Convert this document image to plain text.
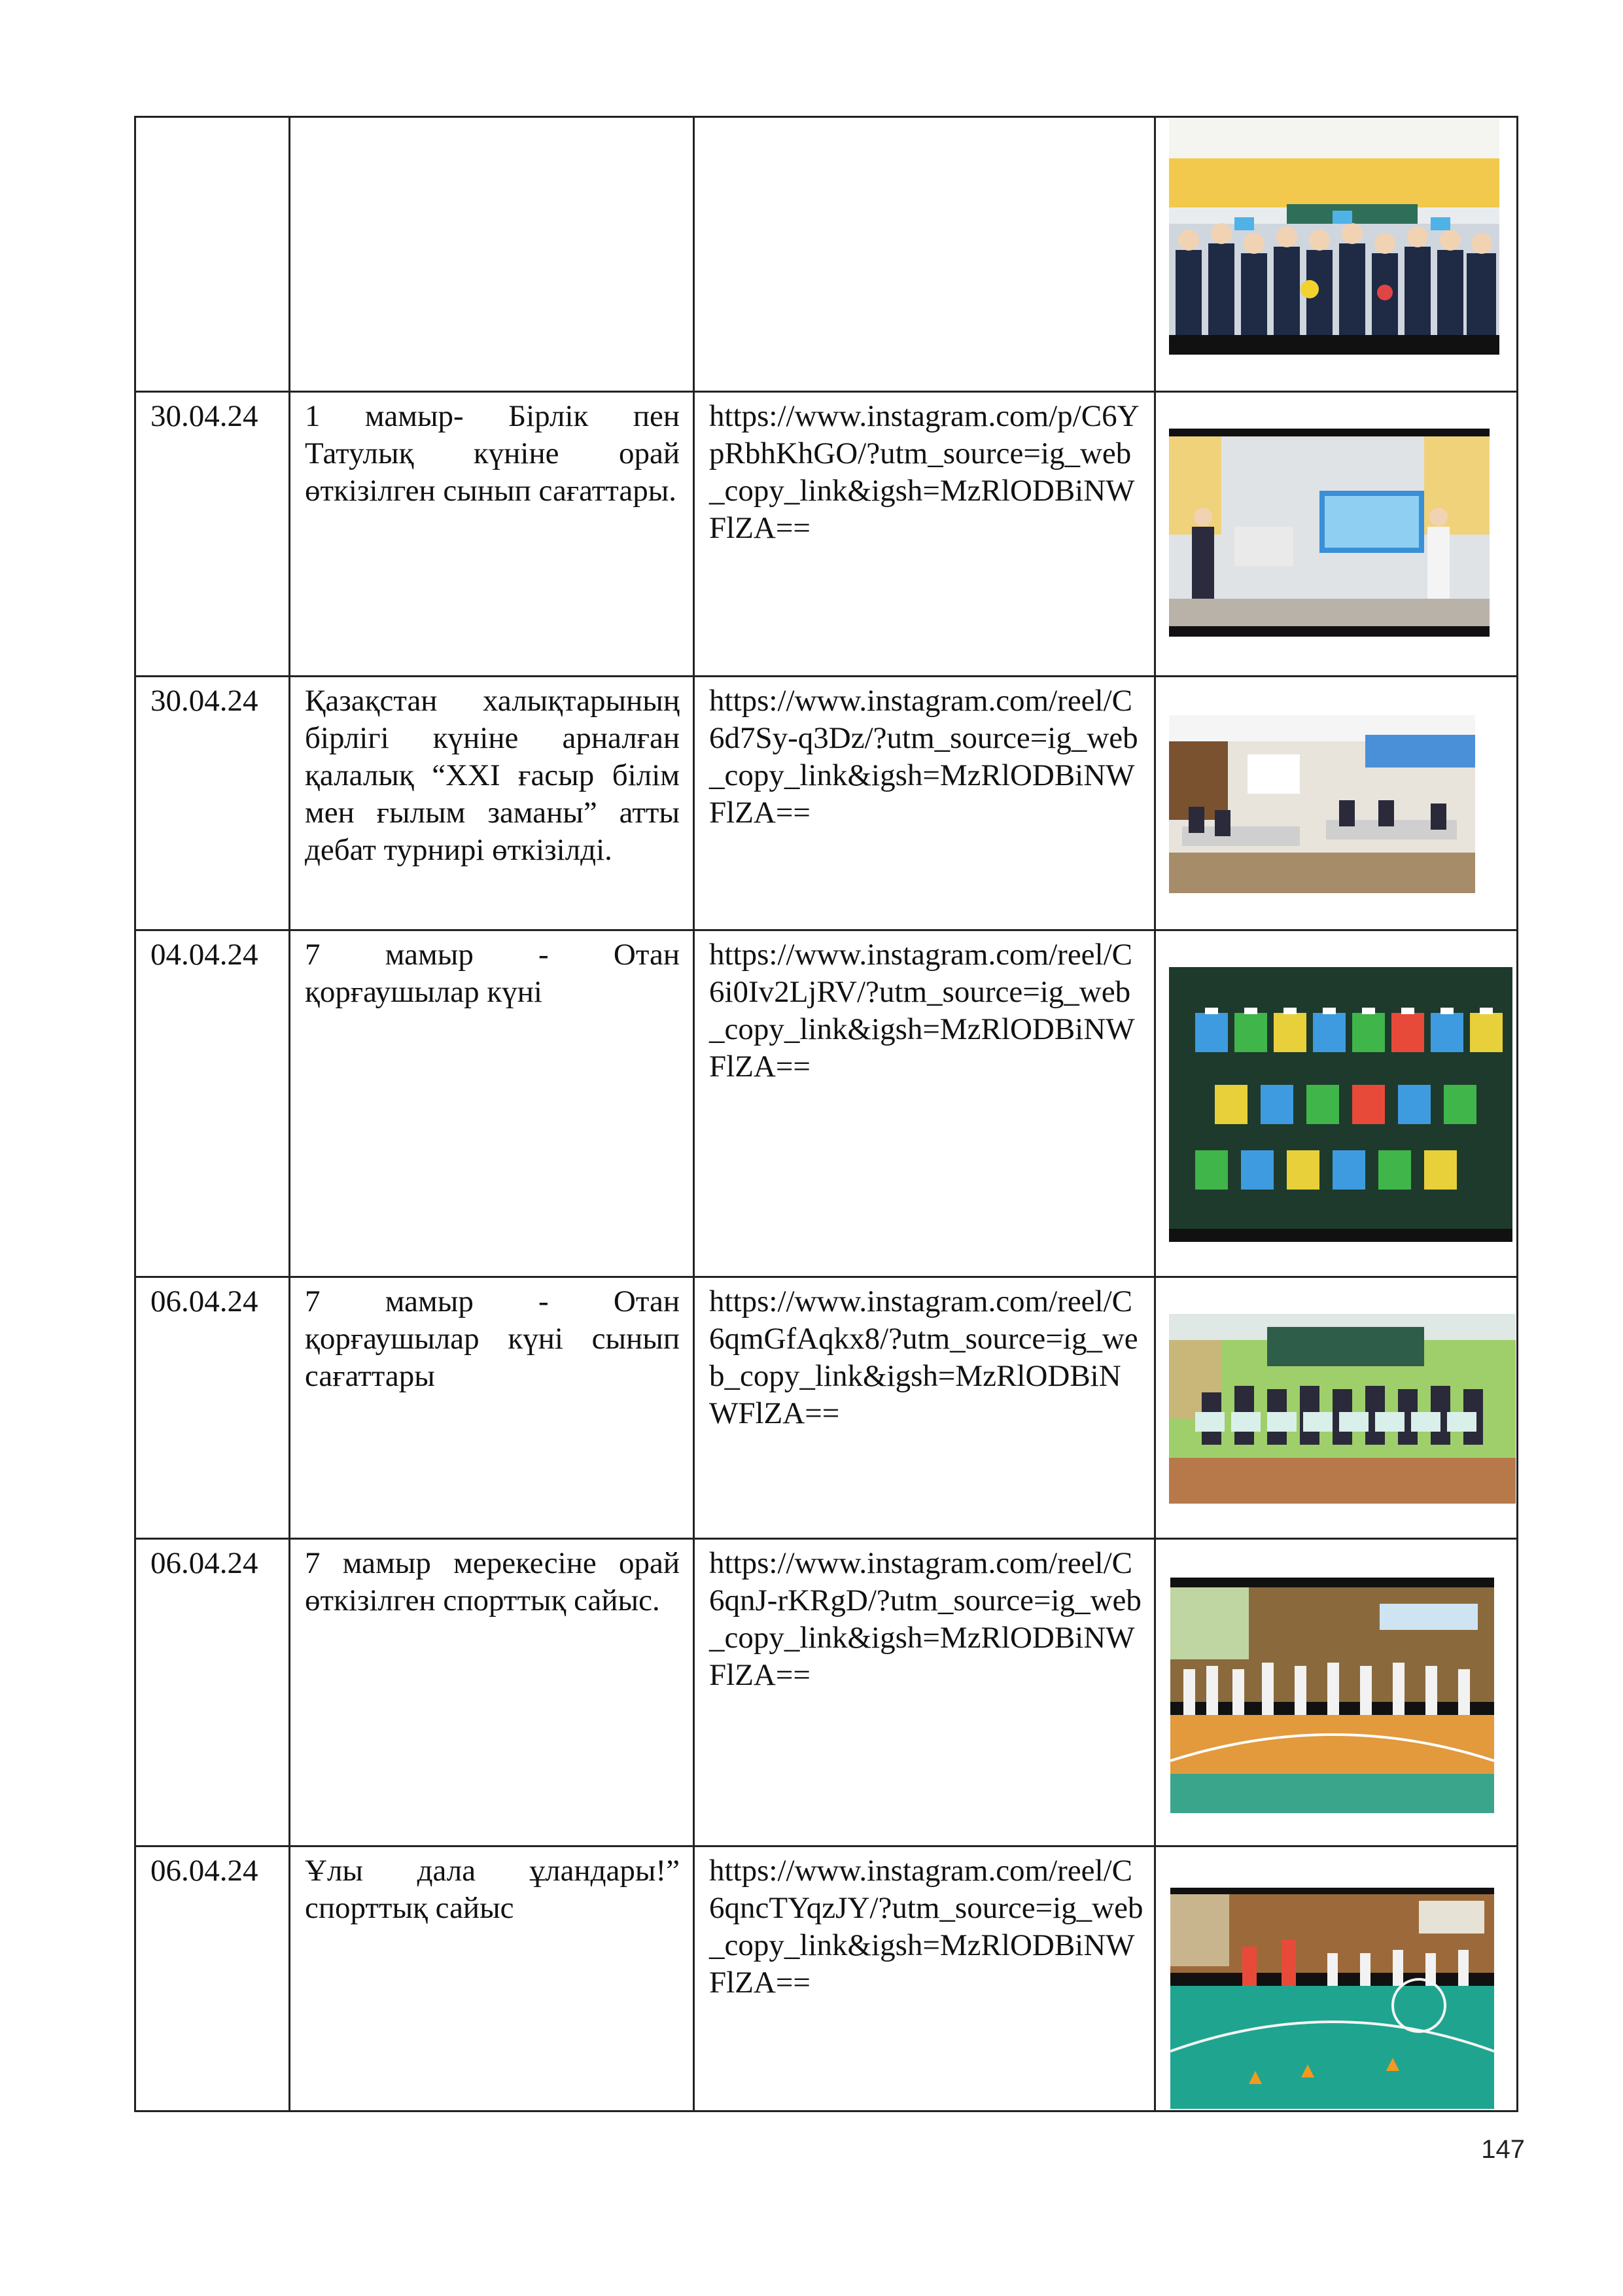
30.04.24	1 мамыр- Бірлік пен Татулық күніне орай өткізілген сынып сағаттары.	https://www.instagram.com/p/C6YpRbhKhGO/?utm_source=ig_web_copy_link&igsh=MzRlODBiNWFlZA==	

30.04.24	Қазақстан халықтарының бірлігі күніне арналған қалалық “XXI ғасыр білім мен ғылым заманы” атты дебат турнирі өткізілді.	https://www.instagram.com/reel/C6d7Sy-q3Dz/?utm_source=ig_web_copy_link&igsh=MzRlODBiNWFlZA==	

04.04.24	7 мамыр - Отан қорғаушылар күні	https://www.instagram.com/reel/C6i0Iv2LjRV/?utm_source=ig_web_copy_link&igsh=MzRlODBiNWFlZA==	

06.04.24	7 мамыр - Отан қорғаушылар күні сынып сағаттары	https://www.instagram.com/reel/C6qmGfAqkx8/?utm_source=ig_web_copy_link&igsh=MzRlODBiNWFlZA==	

06.04.24	7 мамыр мерекесіне орай өткізілген спорттық сайыс.	https://www.instagram.com/reel/C6qnJ-rKRgD/?utm_source=ig_web_copy_link&igsh=MzRlODBiNWFlZA==	

06.04.24	Ұлы дала ұландары!” спорттық сайыс	https://www.instagram.com/reel/C6qncTYqzJY/?utm_source=ig_web_copy_link&igsh=MzRlODBiNWFlZA==	
147
